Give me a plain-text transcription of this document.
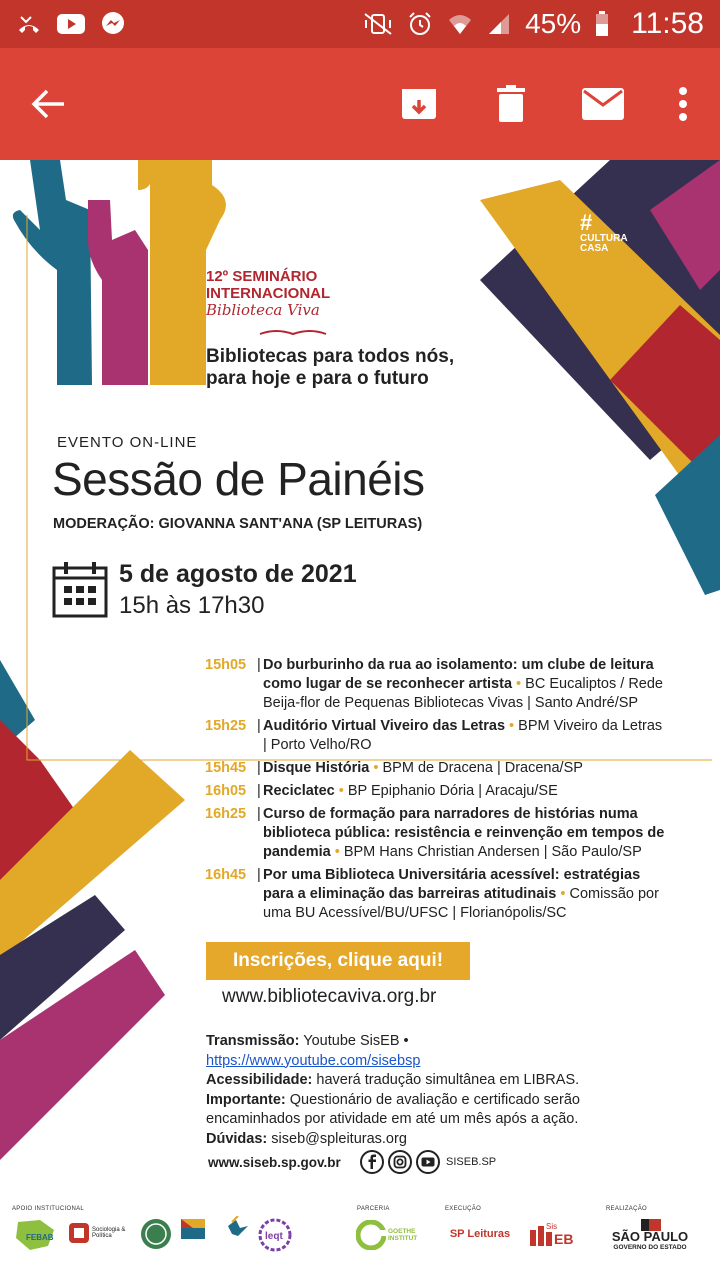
45% 11:58
#
CULTURA
CASA
12º SEMINÁRIO
INTERNACIONAL
Biblioteca Viva
Bibliotecas para todos nós,
para hoje e para o futuro
EVENTO ON-LINE
Sessão de Painéis
MODERAÇÃO: GIOVANNA SANT'ANA (SP LEITURAS)
5 de agosto de 2021
15h às 17h30
15h05 | Do burburinho da rua ao isolamento: um clube de leitura como lugar de se reconhecer artista • BC Eucaliptos / Rede Beija-flor de Pequenas Bibliotecas Vivas | Santo André/SP
15h25 | Auditório Virtual Viveiro das Letras • BPM Viveiro da Letras | Porto Velho/RO
15h45 | Disque História • BPM de Dracena | Dracena/SP
16h05 | Reciclatec • BP Epiphanio Dória | Aracaju/SE
16h25 | Curso de formação para narradores de histórias numa biblioteca pública: resistência e reinvenção em tempos de pandemia • BPM Hans Christian Andersen | São Paulo/SP
16h45 | Por uma Biblioteca Universitária acessível: estratégias para a eliminação das barreiras atitudinais • Comissão por uma BU Acessível/BU/UFSC | Florianópolis/SC
Inscrições, clique aqui!
www.bibliotecaviva.org.br
Transmissão: Youtube SisEB • https://www.youtube.com/sisebsp
Acessibilidade: haverá tradução simultânea em LIBRAS.
Importante: Questionário de avaliação e certificado serão encaminhados por atividade em até um mês após a ação.
Dúvidas: siseb@spleituras.org
www.siseb.sp.gov.br	SISEB.SP
APOIO INSTITUCIONAL	PARCERIA	EXECUÇÃO	REALIZAÇÃO
FEBAB
Sociologia & Política	leqt	GOETHE INSTITUT	SP Leituras	EB
Sis
SÃO PAULO
GOVERNO DO ESTADO
